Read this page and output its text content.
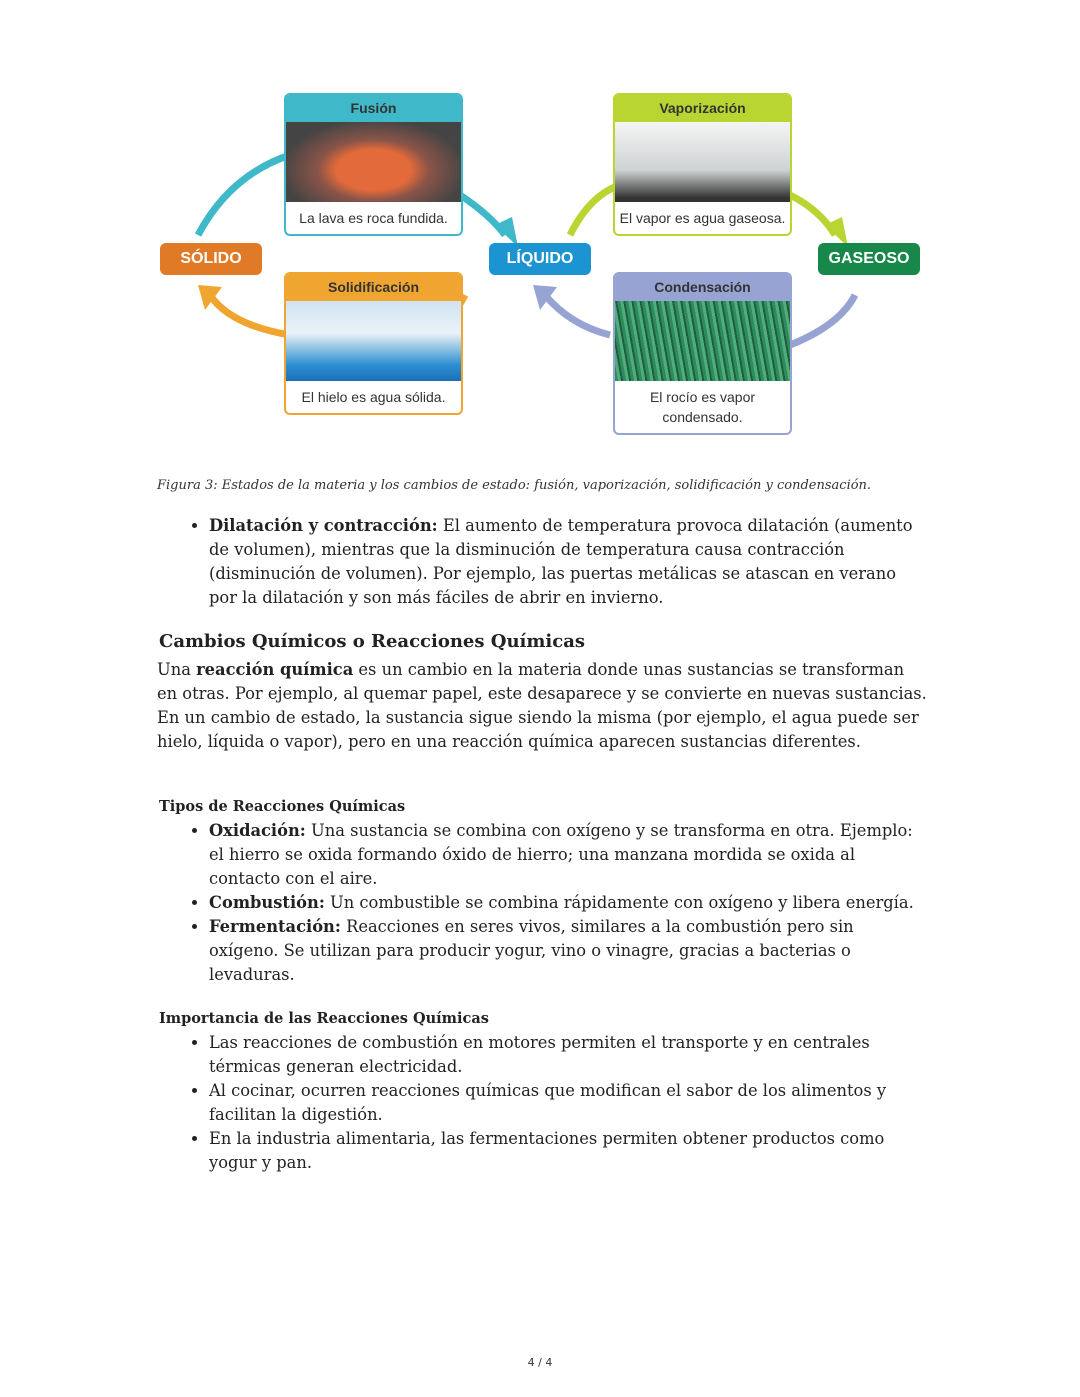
SÓLIDO	LÍQUIDO	GASEOSO
Fusión
La lava es roca fundida.
Vaporización
El vapor es agua gaseosa.
Solidificación
El hielo es agua sólida.
Condensación
El rocío es vapor condensado.
Figura 3: Estados de la materia y los cambios de estado: fusión, vaporización, solidificación y condensación.
• Dilatación y contracción: El aumento de temperatura provoca dilatación (aumento de volumen), mientras que la disminución de temperatura causa contracción (disminución de volumen). Por ejemplo, las puertas metálicas se atascan en verano por la dilatación y son más fáciles de abrir en invierno.
Cambios Químicos o Reacciones Químicas

Una reacción química es un cambio en la materia donde unas sustancias se transforman en otras. Por ejemplo, al quemar papel, este desaparece y se convierte en nuevas sustancias. En un cambio de estado, la sustancia sigue siendo la misma (por ejemplo, el agua puede ser hielo, líquida o vapor), pero en una reacción química aparecen sustancias diferentes.

Tipos de Reacciones Químicas
• Oxidación: Una sustancia se combina con oxígeno y se transforma en otra. Ejemplo: el hierro se oxida formando óxido de hierro; una manzana mordida se oxida al contacto con el aire.
• Combustión: Un combustible se combina rápidamente con oxígeno y libera energía.
• Fermentación: Reacciones en seres vivos, similares a la combustión pero sin oxígeno. Se utilizan para producir yogur, vino o vinagre, gracias a bacterias o levaduras.
Importancia de las Reacciones Químicas
• Las reacciones de combustión en motores permiten el transporte y en centrales térmicas generan electricidad.
• Al cocinar, ocurren reacciones químicas que modifican el sabor de los alimentos y facilitan la digestión.
• En la industria alimentaria, las fermentaciones permiten obtener productos como yogur y pan.
4 / 4
